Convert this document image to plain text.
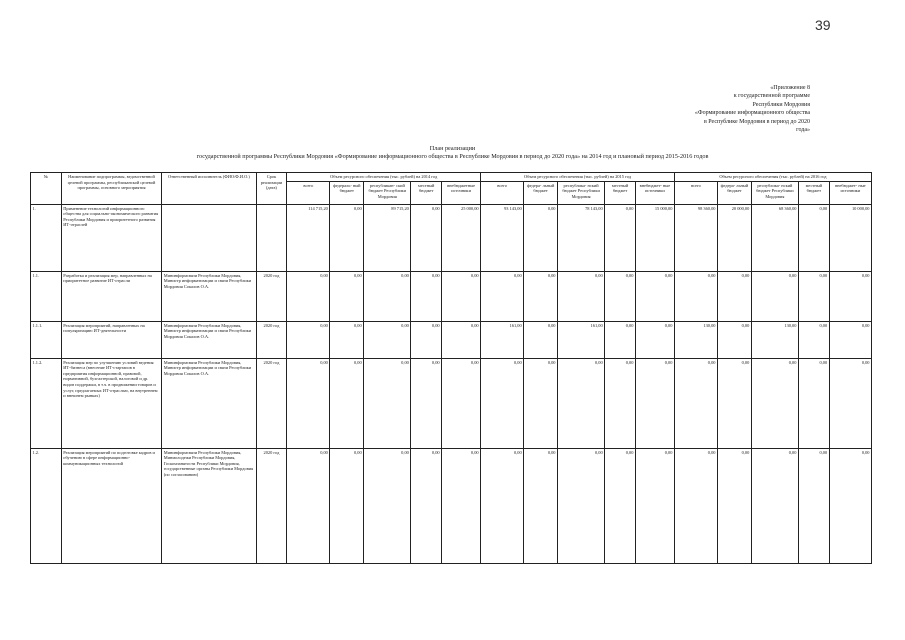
39
«Приложение 8
к государственной программе
Республики Мордовия
«Формирование информационного общества
в Республике Мордовия в период до 2020
года»
План реализации
государственной программы Республики Мордовия «Формирование информационного общества в Республике Мордовия в период до 2020 года» на 2014 год и плановый период 2015-2016 годов
№	Наименование подпрограммы, ведомственной целевой программы, республиканской целевой программы, основного мероприятия	Ответственный исполнитель (ФИО/Ф.И.О.)	Срок реализации (дата)	Объем ресурсного обеспечения (тыс. рублей) на 2014 год					Объем ресурсного обеспечения (тыс. рублей) на 2015 год					Объем ресурсного обеспечения (тыс. рублей) на 2016 год				
				всего	федераль- ный бюджет	республикан- ский бюджет Республики Мордовия	местный бюджет	внебюджетные источники	всего	федера- льный бюджет	республика- нский бюджет Республики Мордовия	местный бюджет	внебюджет- ные источники	всего	федера- льный бюджет	республика- нский бюджет Республики Мордовия	местный бюджет	внебюджет- ные источники
1.	Применение технологий информационного общества для социально-экономического развития Республики Мордовия и приоритетного развития ИТ-отраслей			114 715,20	0,00	89 715,20	0,00	25 000,00	93 143,00	0,00	78 143,00	0,00	15 000,00	98 360,00	20 000,00	68 360,00	0,00	10 000,00
1.1.	Разработка и реализация мер, направленных на приоритетное развитие ИТ-отрасли	Мининформсвязи Республики Мордовия, Министр информатизации и связи Республики Мордовия Сокалов О.А.	2020 год	0,00	0,00	0,00	0,00	0,00	0,00	0,00	0,00	0,00	0,00	0,00	0,00	0,00	0,00	0,00
1.1.1.	Реализация мероприятий, направленных на популяризацию ИТ-деятельности	Мининформсвязи Республики Мордовия, Министр информатизации и связи Республики Мордовия Сокалов О.А.	2020 год	0,00	0,00	0,00	0,00	0,00	161,00	0,00	161,00	0,00	0,00	130,00	0,00	130,00	0,00	0,00
1.1.2.	Реализация мер по улучшению условий ведения ИТ-бизнеса (внесение ИТ-стартапов в предприятия информационной, правовой, нормативной, бухгалтерской, налоговой и др. видов поддержки, в т.ч. в продвижении товаров и услуг, предлагаемых ИТ-отраслью, на внутреннем и внешнем рынках)	Мининформсвязи Республики Мордовия, Министр информатизации и связи Республики Мордовия Сокалов О.А.	2020 год	0,00	0,00	0,00	0,00	0,00	0,00	0,00	0,00	0,00	0,00	0,00	0,00	0,00	0,00	0,00
1.2.	Реализация мероприятий по подготовке кадров и обучению в сфере информационно-коммуникационных технологий	Мининформсвязи Республики Мордовия, Минмолодежи Республики Мордовия, Госкомзанятости Республики Мордовия, государственные органы Республики Мордовия (по согласованию)	2020 год	0,00	0,00	0,00	0,00	0,00	0,00	0,00	0,00	0,00	0,00	0,00	0,00	0,00	0,00	0,00
